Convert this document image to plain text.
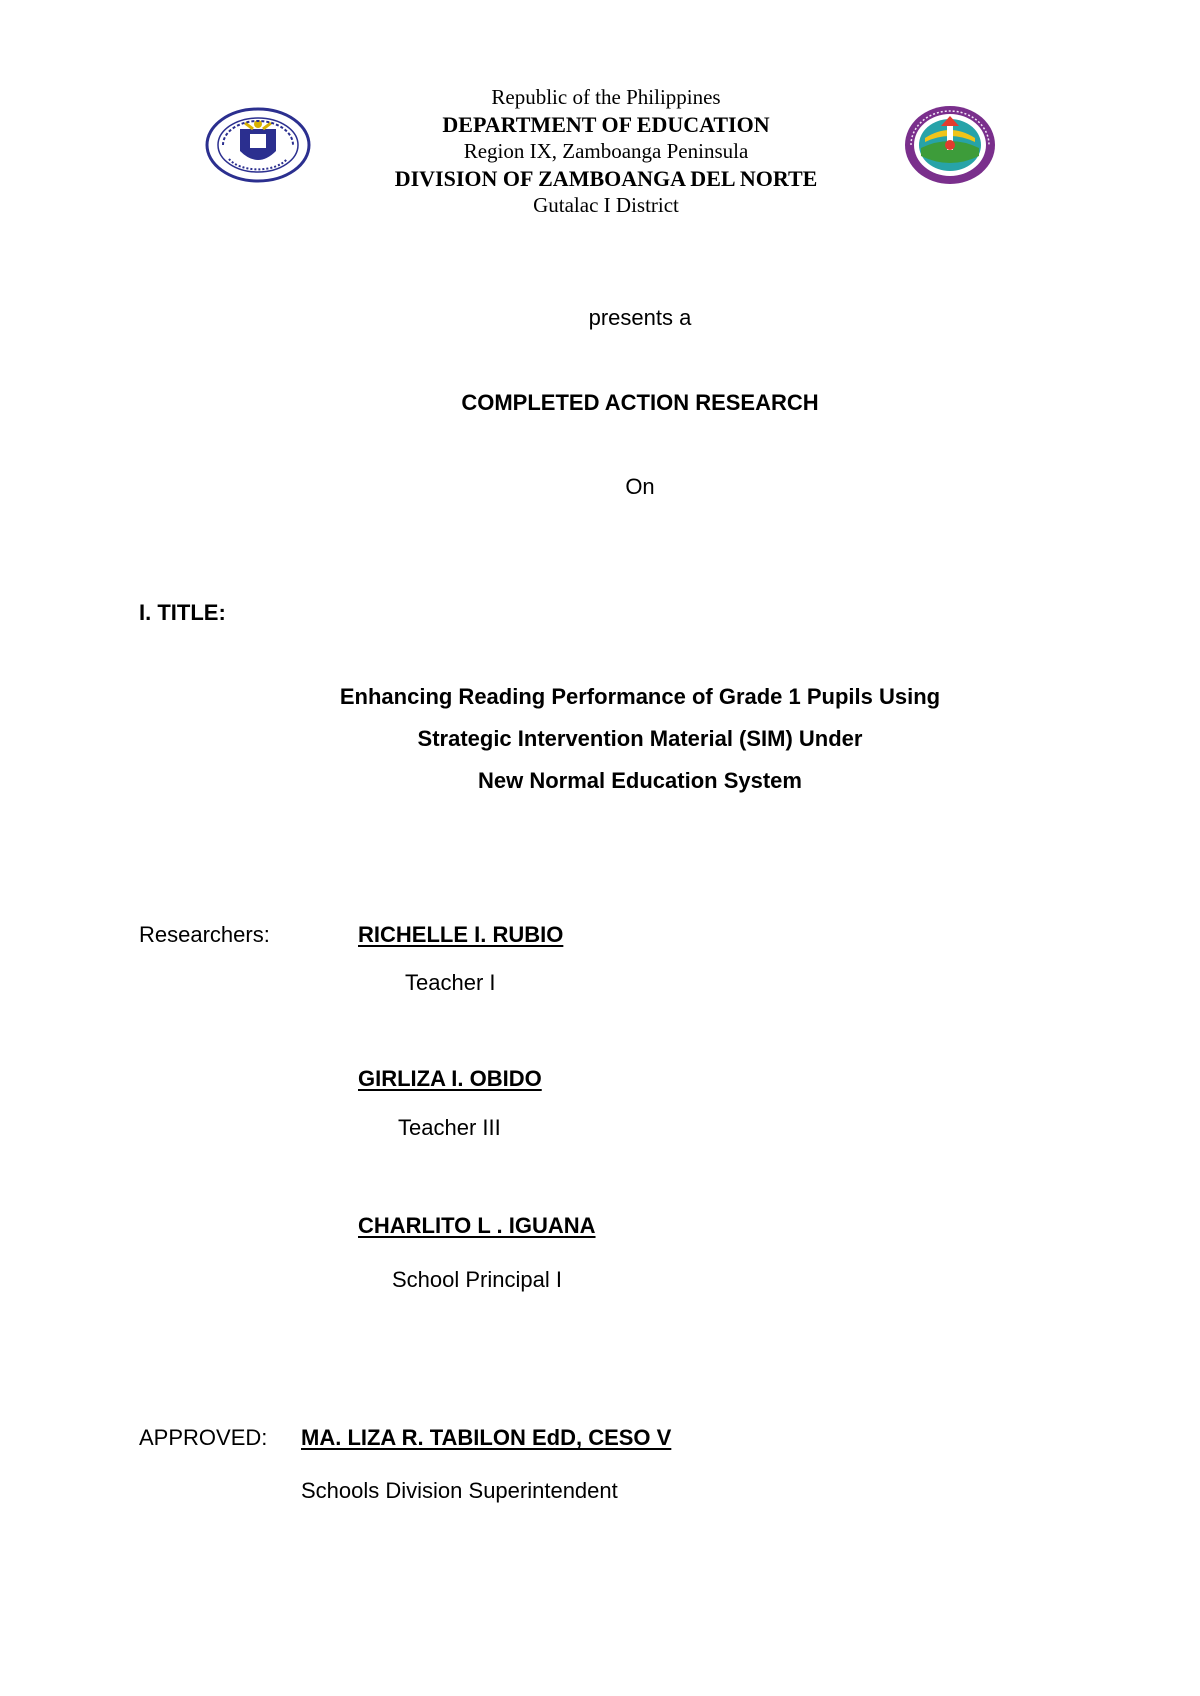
Republic of the Philippines
DEPARTMENT OF EDUCATION
Region IX, Zamboanga Peninsula
DIVISION OF ZAMBOANGA DEL NORTE
Gutalac I District
presents a
COMPLETED ACTION RESEARCH
On
I. TITLE:
Enhancing Reading Performance of Grade 1 Pupils Using
Strategic Intervention Material (SIM) Under
New Normal Education System
Researchers:	RICHELLE I. RUBIO
Teacher I
GIRLIZA I. OBIDO
Teacher III
CHARLITO L . IGUANA
School Principal I
APPROVED: MA. LIZA R. TABILON EdD, CESO V
Schools Division Superintendent
